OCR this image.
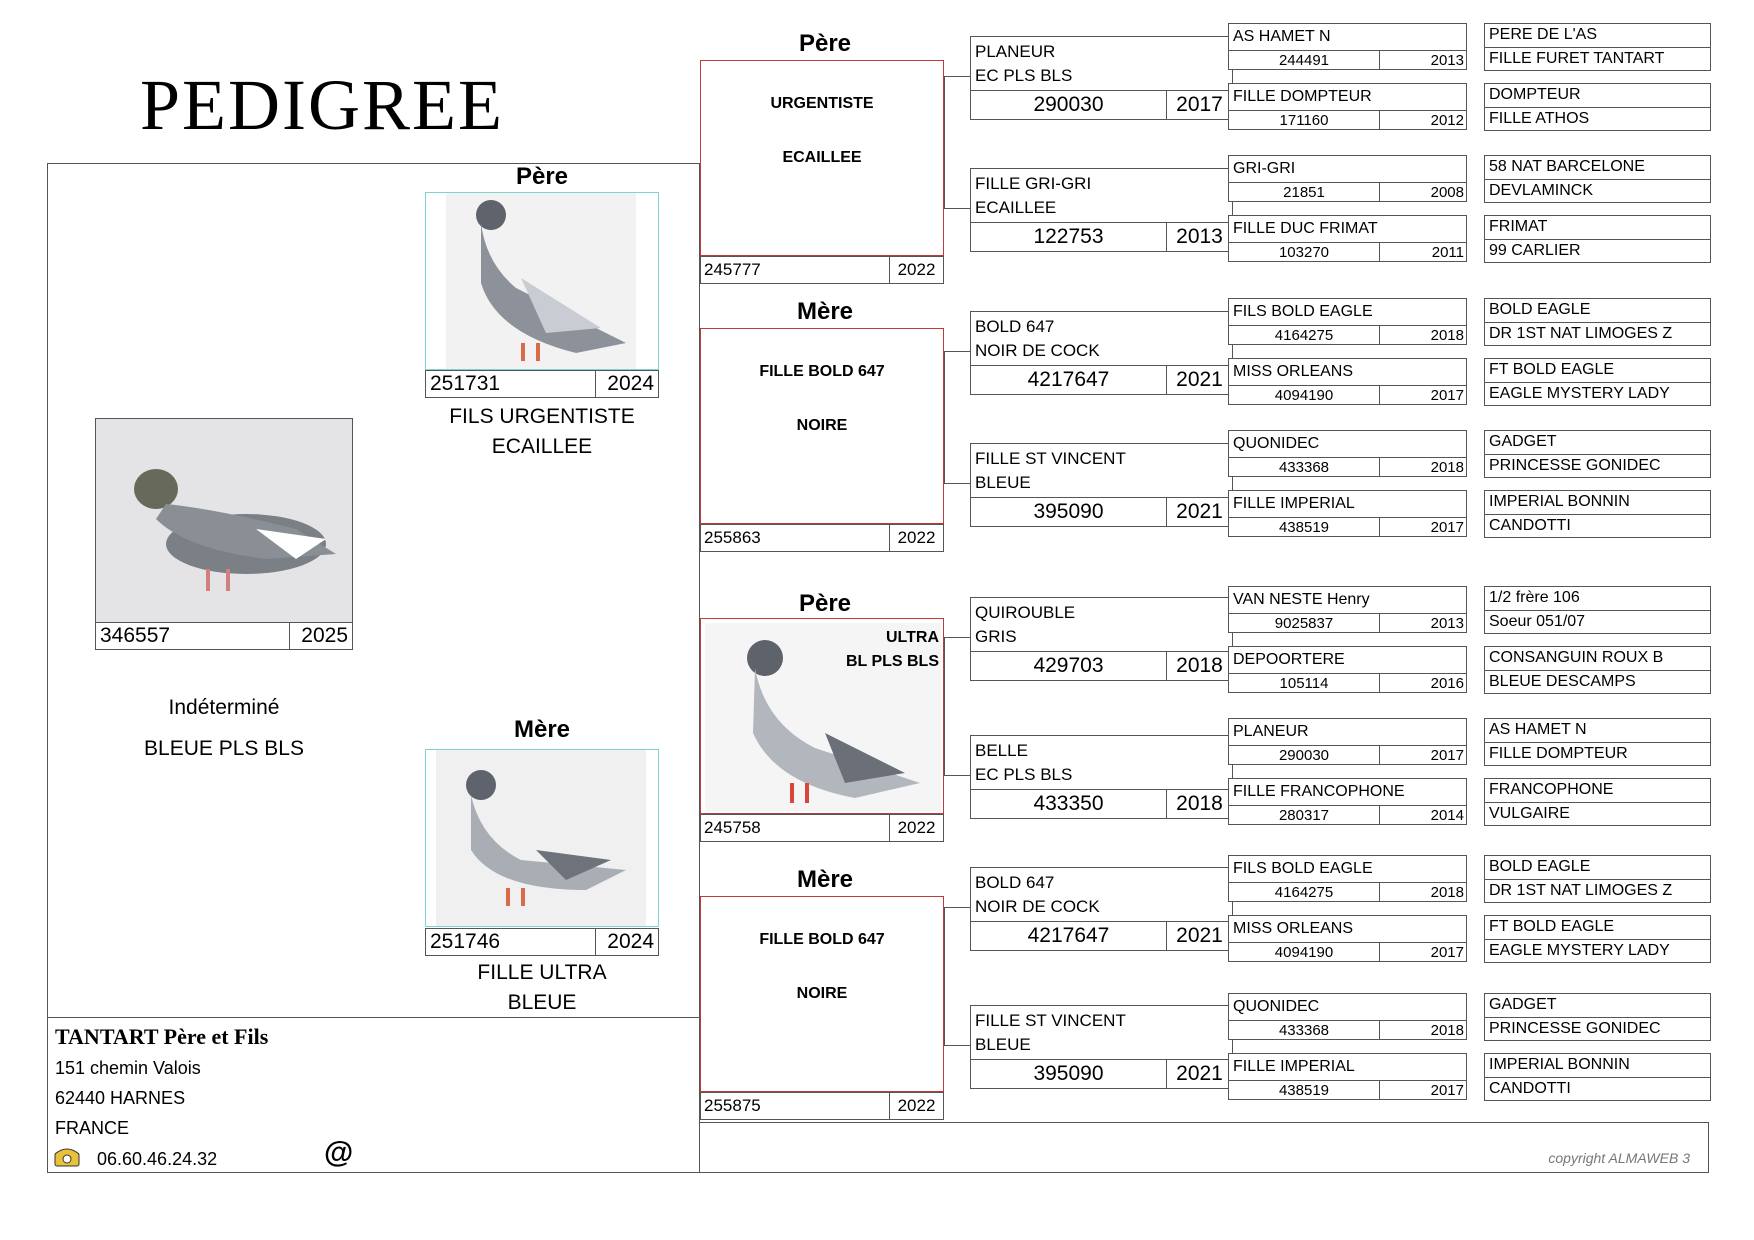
PEDIGREE
346557	2025
Indéterminé
BLEUE PLS BLS
Père
251731	2024
FILS URGENTISTE
ECAILLEE
Mère
251746	2024
FILLE ULTRA
BLEUE
TANTART Père et Fils
151 chemin Valois
62440 HARNES
FRANCE
06.60.46.24.32	@
Père
URGENTISTE
ECAILLEE
245777	2022
Mère
FILLE BOLD 647
NOIRE
255863	2022
Père
ULTRA
BL PLS BLS
245758	2022
Mère
FILLE BOLD 647
NOIRE
255875	2022
PLANEUR
EC PLS BLS
290030	2017
FILLE GRI-GRI
ECAILLEE
122753	2013
BOLD 647
NOIR DE COCK
4217647	2021
FILLE ST VINCENT
BLEUE
395090	2021
QUIROUBLE
GRIS
429703	2018
BELLE
EC PLS BLS
433350	2018
BOLD 647
NOIR DE COCK
4217647	2021
FILLE ST VINCENT
BLEUE
395090	2021
AS HAMET N
244491	2013
FILLE DOMPTEUR
171160	2012
GRI-GRI
21851	2008
FILLE DUC FRIMAT
103270	2011
FILS BOLD EAGLE
4164275	2018
MISS ORLEANS
4094190	2017
QUONIDEC
433368	2018
FILLE IMPERIAL
438519	2017
VAN NESTE Henry
9025837	2013
DEPOORTERE
105114	2016
PLANEUR
290030	2017
FILLE FRANCOPHONE
280317	2014
FILS BOLD EAGLE
4164275	2018
MISS ORLEANS
4094190	2017
QUONIDEC
433368	2018
FILLE IMPERIAL
438519	2017
PERE DE L'AS
FILLE FURET TANTART
DOMPTEUR
FILLE ATHOS
58 NAT BARCELONE
DEVLAMINCK
FRIMAT
99 CARLIER
BOLD EAGLE
DR 1ST NAT LIMOGES Z
FT BOLD EAGLE
EAGLE MYSTERY LADY
GADGET
PRINCESSE GONIDEC
IMPERIAL BONNIN
CANDOTTI
1/2 frère 106
Soeur 051/07
CONSANGUIN ROUX B
BLEUE DESCAMPS
AS HAMET N
FILLE DOMPTEUR
FRANCOPHONE
VULGAIRE
BOLD EAGLE
DR 1ST NAT LIMOGES Z
FT BOLD EAGLE
EAGLE MYSTERY LADY
GADGET
PRINCESSE GONIDEC
IMPERIAL BONNIN
CANDOTTI
copyright ALMAWEB 3
